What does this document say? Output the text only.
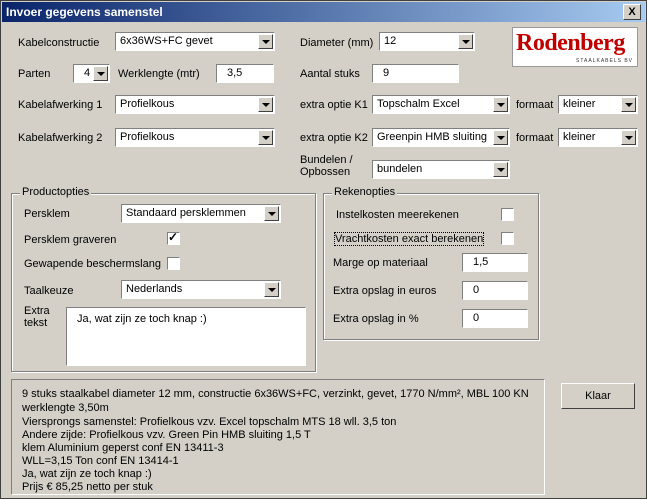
Invoer gegevens samenstel	X
Kabelconstructie 6x36WS+FC gevet
Parten	4	Werklengte (mtr) 3,5
Kabelafwerking 1 Profielkous
Kabelafwerking 2 Profielkous
Diameter (mm) 12
Aantal stuks 9
extra optie K1 Topschalm Excel	formaat kleiner
extra optie K2 Greenpin HMB sluiting	formaat kleiner
Bundelen /
Opbossen bundelen
Rodenberg
STAALKABELS BV
Productopties
Persklem	Standaard persklemmen
Persklem graveren	✓
Gewapende beschermslang
Taalkeuze	Nederlands
Extra
tekst	Ja, wat zijn ze toch knap :)
Rekenopties
Instelkosten meerekenen
Vrachtkosten exact berekenen
Marge op materiaal	1,5
Extra opslag in euros	0
Extra opslag in %	0
9 stuks staalkabel diameter 12 mm, constructie 6x36WS+FC, verzinkt, gevet, 1770 N/mm², MBL 100 KN
werklengte 3,50m
Viersprongs samenstel: Profielkous vzv. Excel topschalm MTS 18 wll. 3,5 ton
Andere zijde: Profielkous vzv. Green Pin HMB sluiting 1,5 T
klem Aluminium geperst conf EN 13411-3
WLL=3,15 Ton conf EN 13414-1
Ja, wat zijn ze toch knap :)
Prijs € 85,25 netto per stuk
Klaar
